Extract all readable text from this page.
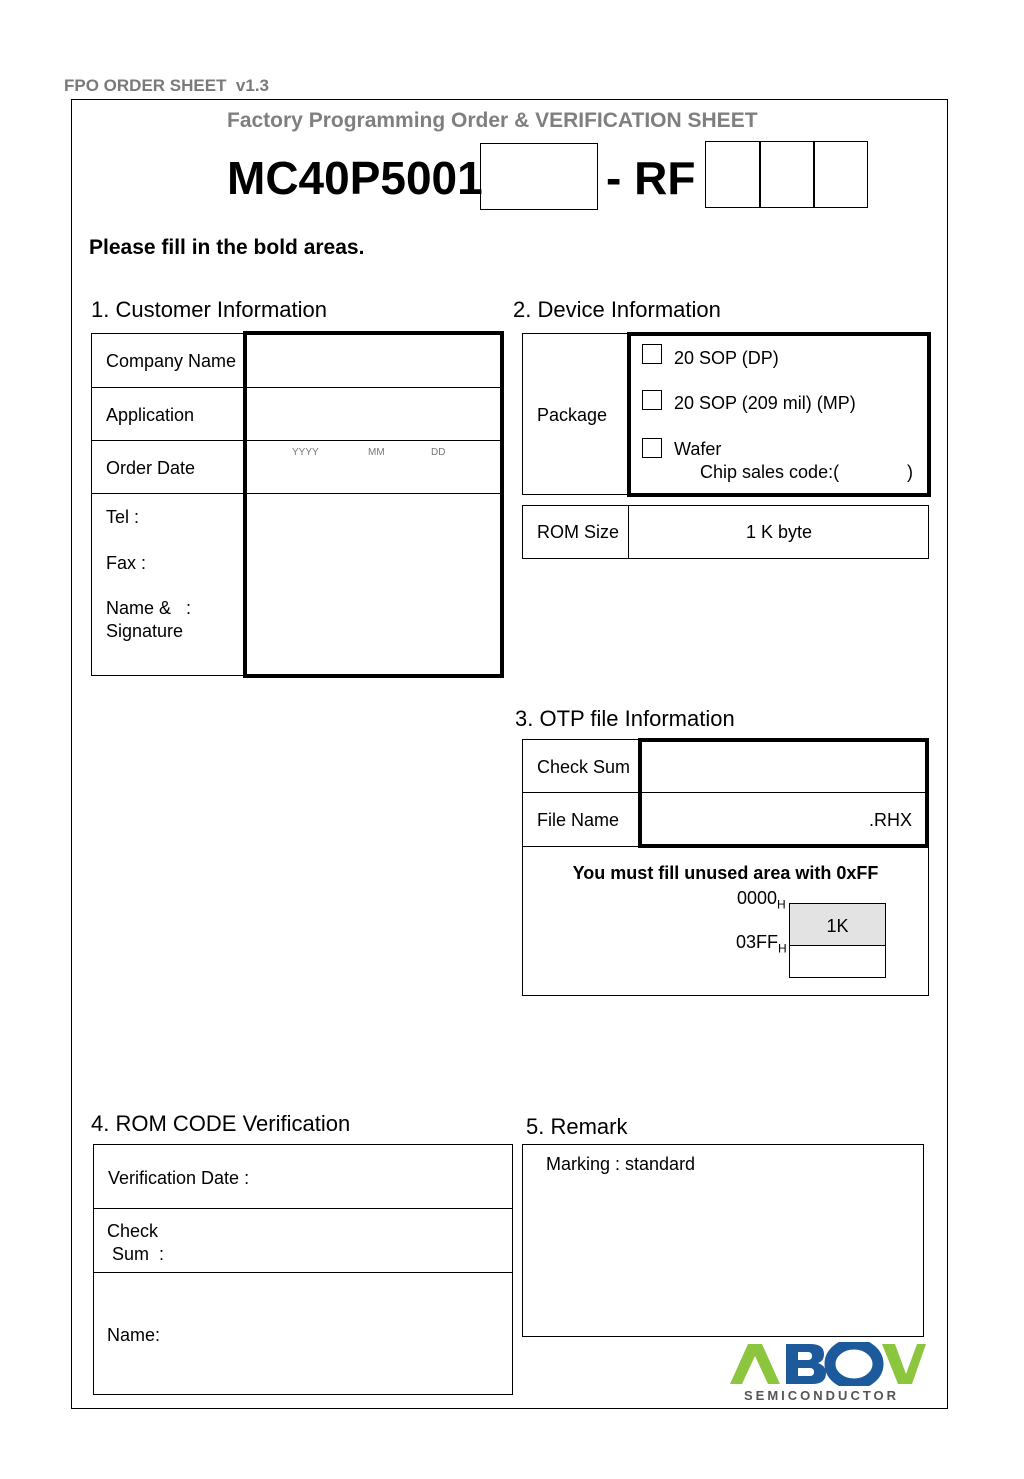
FPO ORDER SHEET  v1.3
Factory Programming Order & VERIFICATION SHEET
MC40P5001	- RF
Please fill in the bold areas.
1. Customer Information
Company Name
Application
Order Date
YYYY	MM	DD
Tel :
Fax :
Name &   :
Signature
2. Device Information
Package
20 SOP (DP)
20 SOP (209 mil) (MP)
Wafer
Chip sales code:(	)
ROM Size	1 K byte
3. OTP file Information
Check Sum
File Name	.RHX
You must fill unused area with 0xFF
$0000_H$
$03FF_H$
1K
4. ROM CODE Verification
Verification Date :
Check
Sum  :
Name:
5. Remark
Marking : standard
SEMICONDUCTOR
